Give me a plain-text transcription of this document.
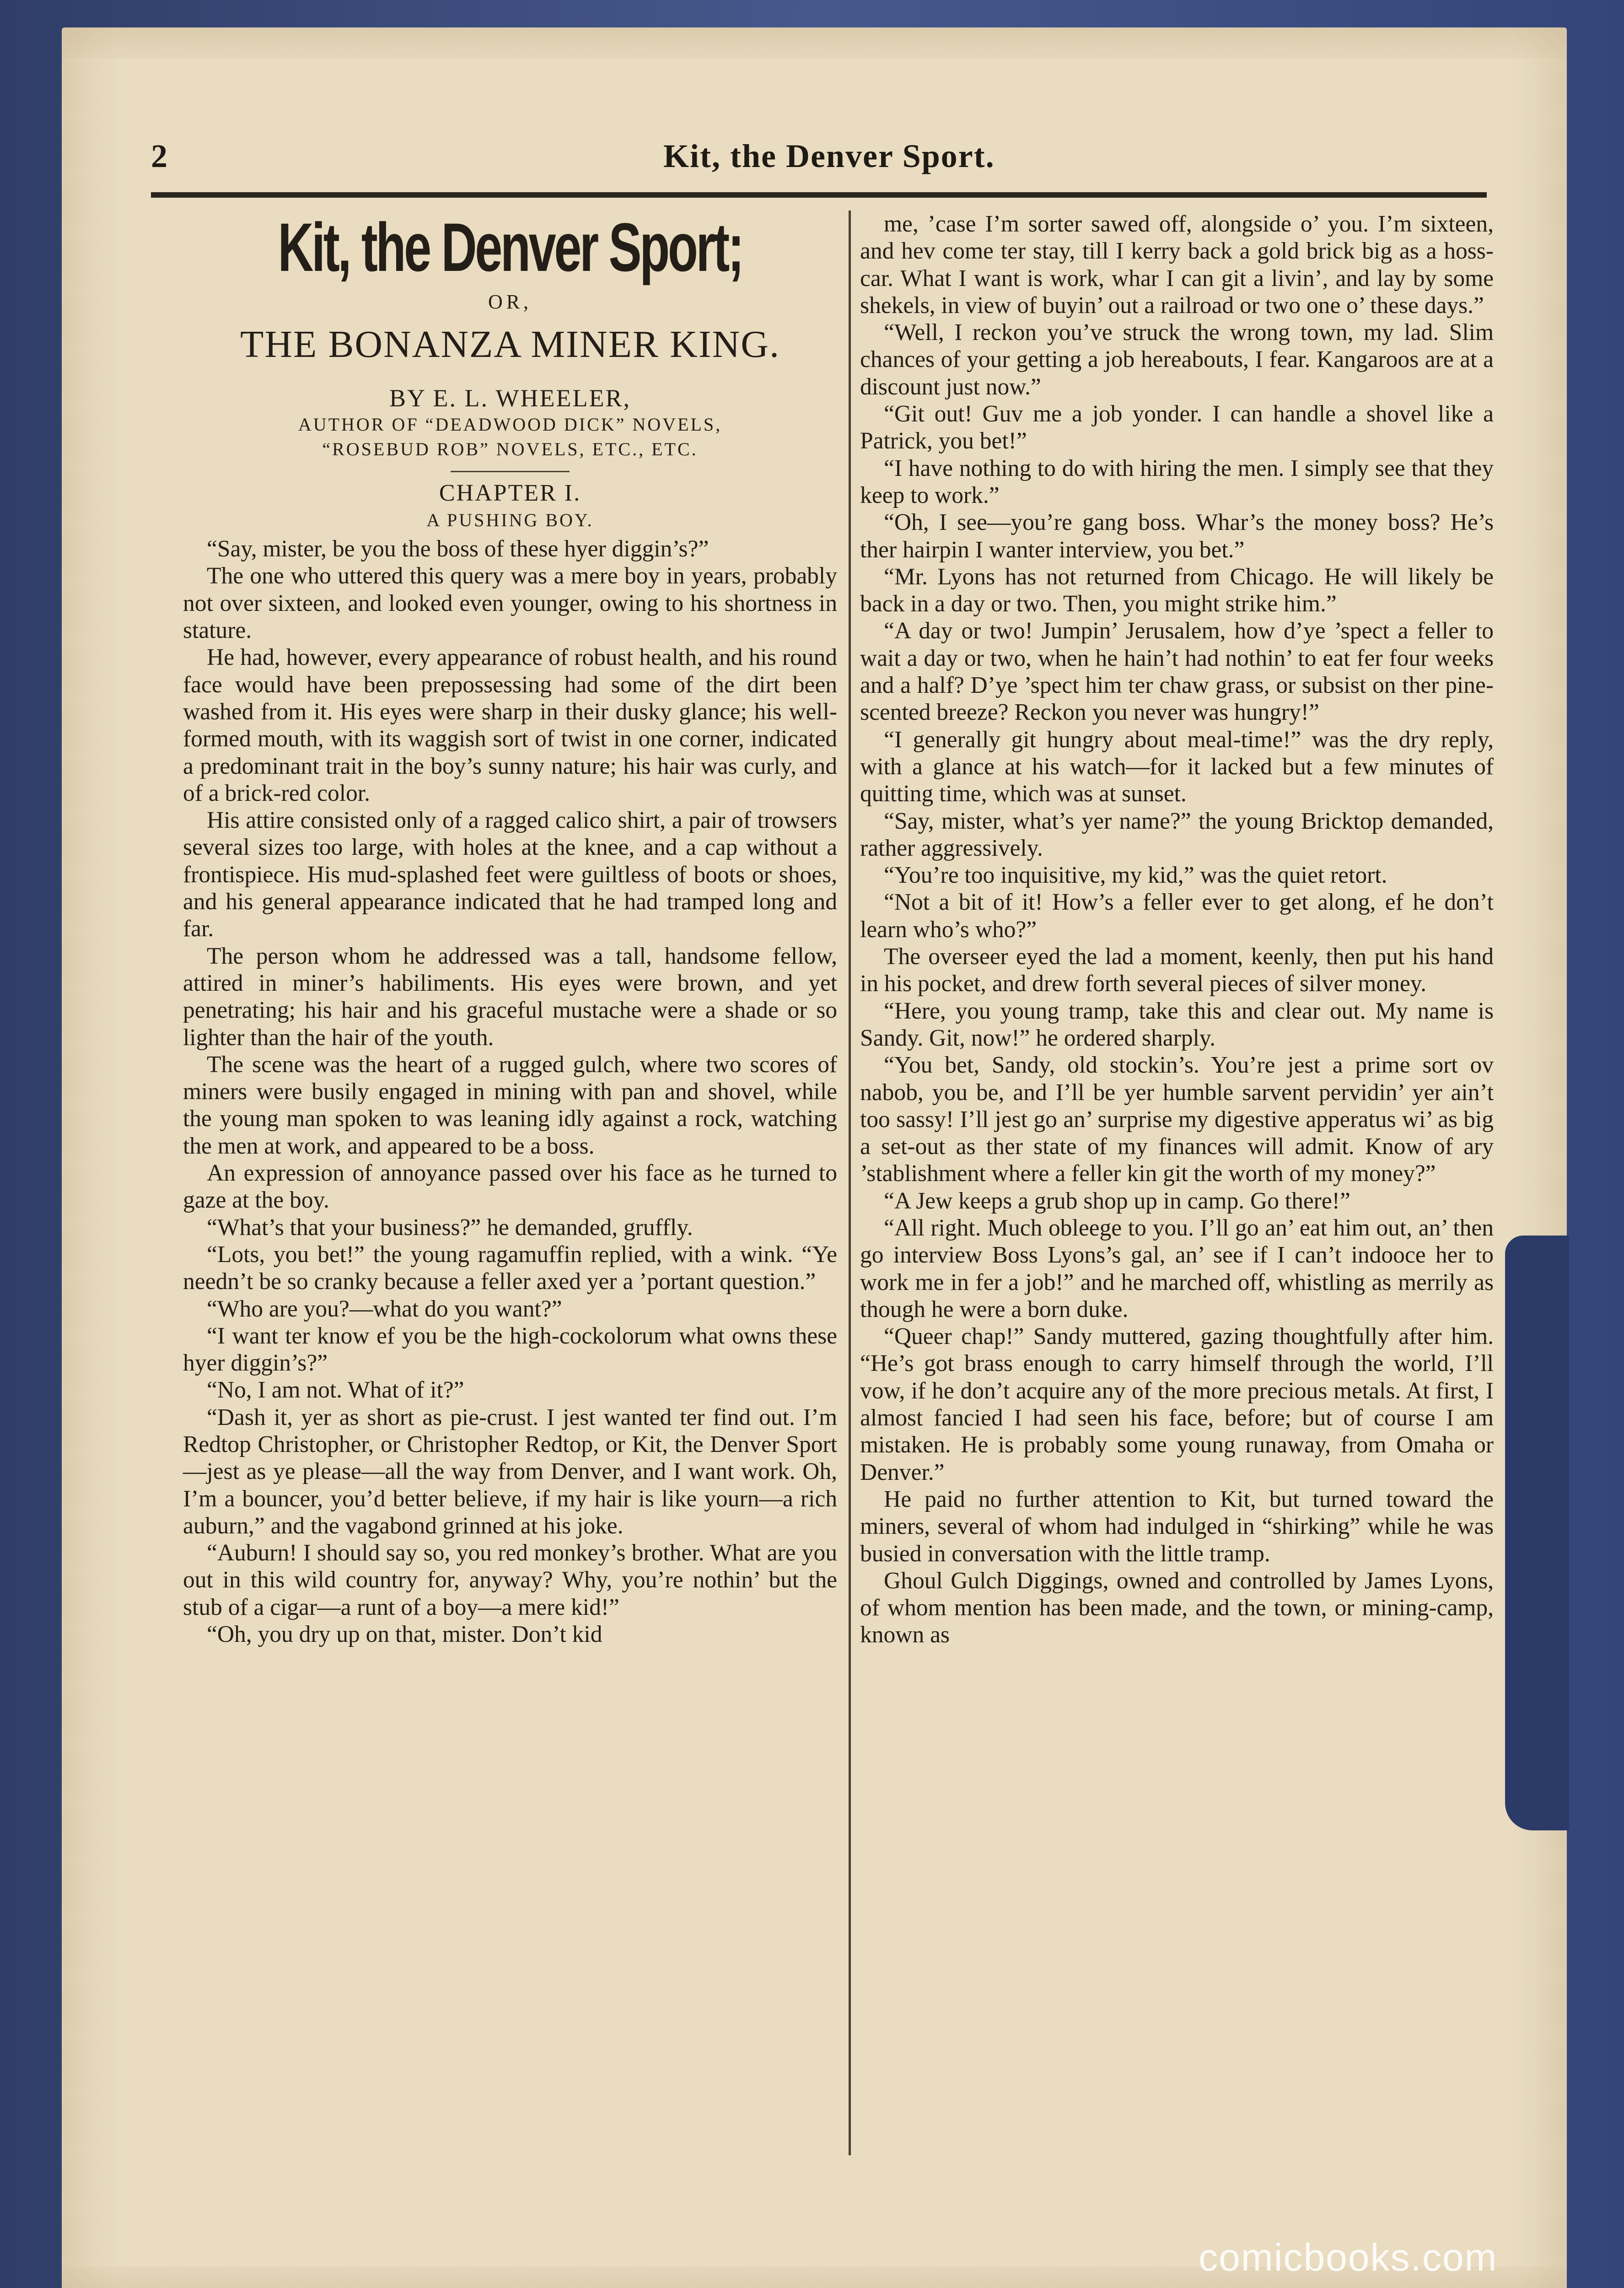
2	Kit, the Denver Sport.
Kit, the Denver Sport;
OR,
THE BONANZA MINER KING.
BY E. L. WHEELER,
AUTHOR OF “DEADWOOD DICK” NOVELS,
“ROSEBUD ROB” NOVELS, ETC., ETC.
CHAPTER I.
A PUSHING BOY.

“Say, mister, be you the boss of these hyer diggin’s?”

The one who uttered this query was a mere boy in years, probably not over sixteen, and looked even younger, owing to his shortness in stature.

He had, however, every appearance of robust health, and his round face would have been prepossessing had some of the dirt been washed from it. His eyes were sharp in their dusky glance; his well-formed mouth, with its waggish sort of twist in one corner, indicated a predominant trait in the boy’s sunny nature; his hair was curly, and of a brick-red color.

His attire consisted only of a ragged calico shirt, a pair of trowsers several sizes too large, with holes at the knee, and a cap without a frontispiece. His mud-splashed feet were guiltless of boots or shoes, and his general appearance indicated that he had tramped long and far.

The person whom he addressed was a tall, handsome fellow, attired in miner’s habiliments. His eyes were brown, and yet penetrating; his hair and his graceful mustache were a shade or so lighter than the hair of the youth.

The scene was the heart of a rugged gulch, where two scores of miners were busily engaged in mining with pan and shovel, while the young man spoken to was leaning idly against a rock, watching the men at work, and appeared to be a boss.

An expression of annoyance passed over his face as he turned to gaze at the boy.

“What’s that your business?” he demanded, gruffly.

“Lots, you bet!” the young ragamuffin replied, with a wink. “Ye needn’t be so cranky because a feller axed yer a ’portant question.”

“Who are you?—what do you want?”

“I want ter know ef you be the high-cockolorum what owns these hyer diggin’s?”

“No, I am not. What of it?”

“Dash it, yer as short as pie-crust. I jest wanted ter find out. I’m Redtop Christopher, or Christopher Redtop, or Kit, the Denver Sport —jest as ye please—all the way from Denver, and I want work. Oh, I’m a bouncer, you’d better believe, if my hair is like yourn—a rich auburn,” and the vagabond grinned at his joke.

“Auburn! I should say so, you red monkey’s brother. What are you out in this wild country for, anyway? Why, you’re nothin’ but the stub of a cigar—a runt of a boy—a mere kid!”

“Oh, you dry up on that, mister. Don’t kid

me, ’case I’m sorter sawed off, alongside o’ you. I’m sixteen, and hev come ter stay, till I kerry back a gold brick big as a hoss-car. What I want is work, whar I can git a livin’, and lay by some shekels, in view of buyin’ out a railroad or two one o’ these days.”

“Well, I reckon you’ve struck the wrong town, my lad. Slim chances of your getting a job hereabouts, I fear. Kangaroos are at a discount just now.”

“Git out! Guv me a job yonder. I can handle a shovel like a Patrick, you bet!”

“I have nothing to do with hiring the men. I simply see that they keep to work.”

“Oh, I see—you’re gang boss. Whar’s the money boss? He’s ther hairpin I wanter interview, you bet.”

“Mr. Lyons has not returned from Chicago. He will likely be back in a day or two. Then, you might strike him.”

“A day or two! Jumpin’ Jerusalem, how d’ye ’spect a feller to wait a day or two, when he hain’t had nothin’ to eat fer four weeks and a half? D’ye ’spect him ter chaw grass, or subsist on ther pine-scented breeze? Reckon you never was hungry!”

“I generally git hungry about meal-time!” was the dry reply, with a glance at his watch—for it lacked but a few minutes of quitting time, which was at sunset.

“Say, mister, what’s yer name?” the young Bricktop demanded, rather aggressively.

“You’re too inquisitive, my kid,” was the quiet retort.

“Not a bit of it! How’s a feller ever to get along, ef he don’t learn who’s who?”

The overseer eyed the lad a moment, keenly, then put his hand in his pocket, and drew forth several pieces of silver money.

“Here, you young tramp, take this and clear out. My name is Sandy. Git, now!” he ordered sharply.

“You bet, Sandy, old stockin’s. You’re jest a prime sort ov nabob, you be, and I’ll be yer humble sarvent pervidin’ yer ain’t too sassy! I’ll jest go an’ surprise my digestive apperatus wi’ as big a set-out as ther state of my finances will admit. Know of ary ’stablishment where a feller kin git the worth of my money?”

“A Jew keeps a grub shop up in camp. Go there!”

“All right. Much obleege to you. I’ll go an’ eat him out, an’ then go interview Boss Lyons’s gal, an’ see if I can’t indooce her to work me in fer a job!” and he marched off, whistling as merrily as though he were a born duke.

“Queer chap!” Sandy muttered, gazing thoughtfully after him. “He’s got brass enough to carry himself through the world, I’ll vow, if he don’t acquire any of the more precious metals. At first, I almost fancied I had seen his face, before; but of course I am mistaken. He is probably some young runaway, from Omaha or Denver.”

He paid no further attention to Kit, but turned toward the miners, several of whom had indulged in “shirking” while he was busied in conversation with the little tramp.

Ghoul Gulch Diggings, owned and controlled by James Lyons, of whom mention has been made, and the town, or mining-camp, known as

comicbooks.com
